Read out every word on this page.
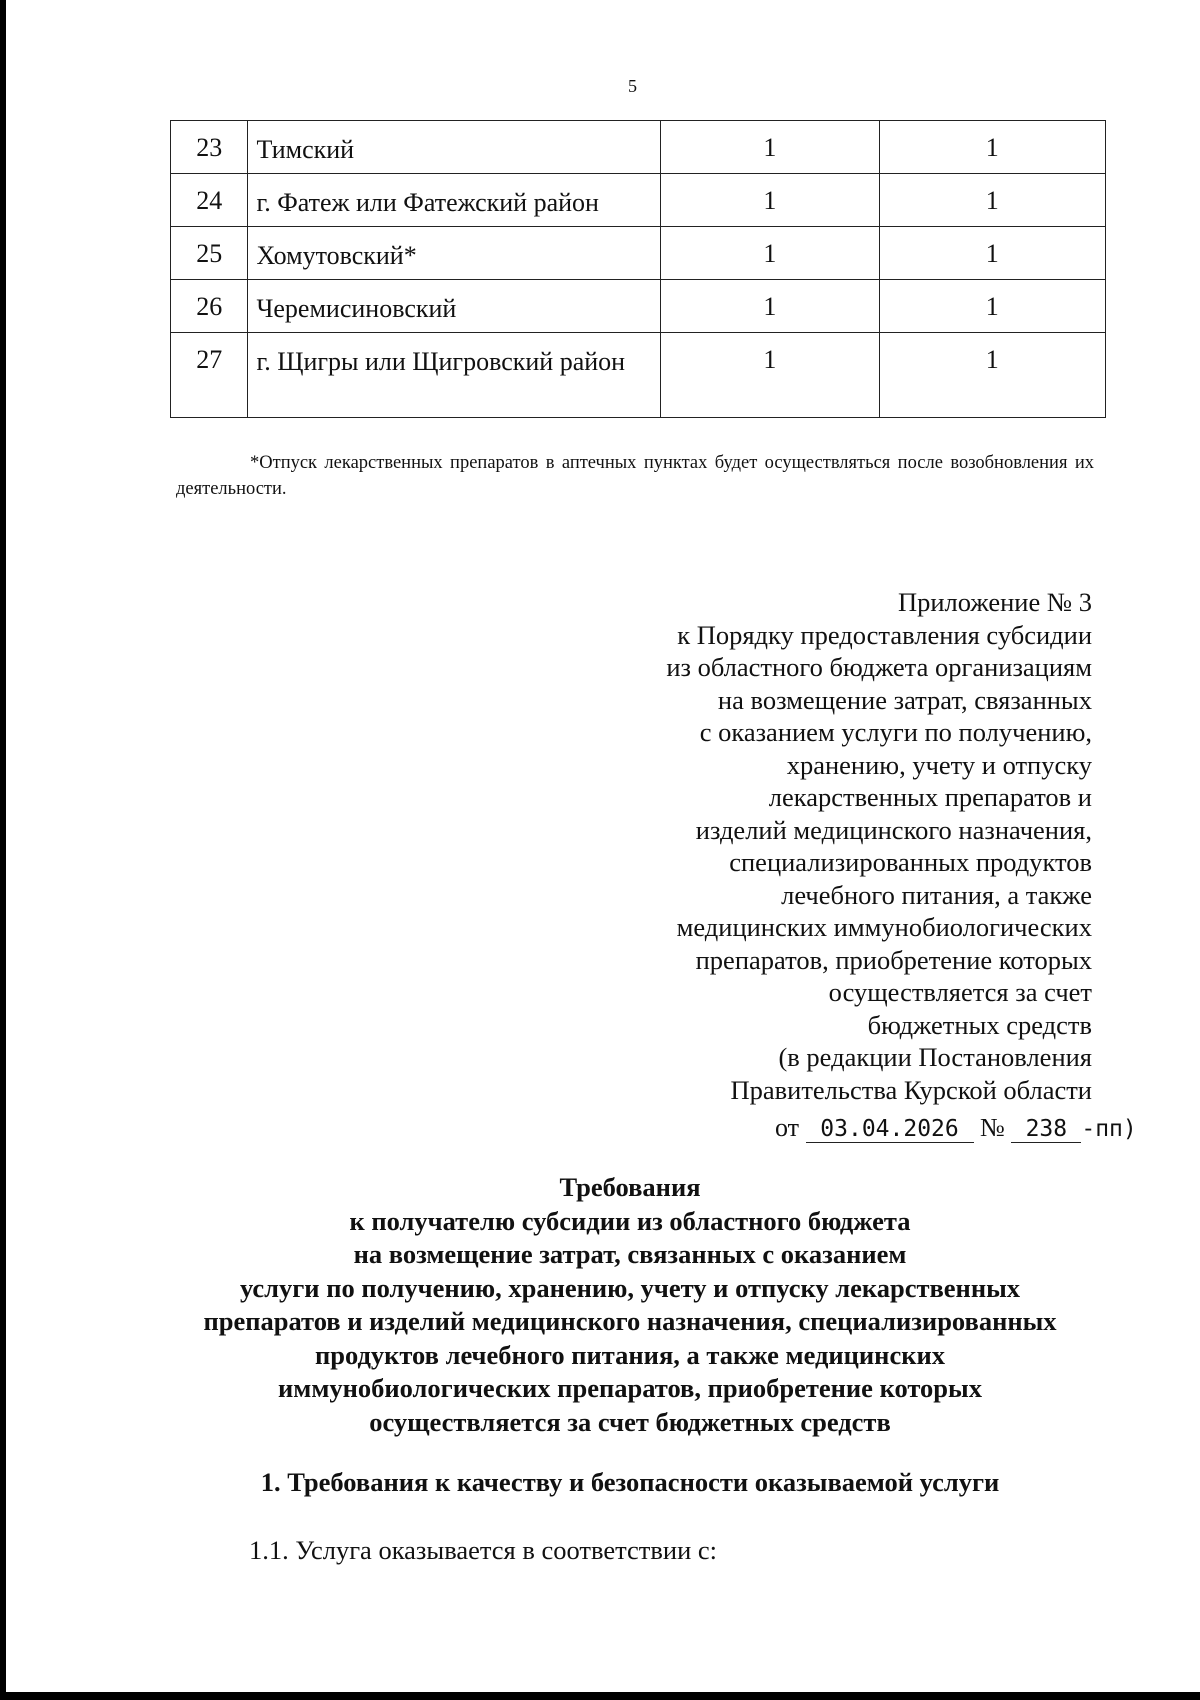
5
23	Тимский	1	1
24	г. Фатеж или Фатежский район	1	1
25	Хомутовский*	1	1
26	Черемисиновский	1	1
27	г. Щигры или Щигровский район	1	1
*Отпуск лекарственных препаратов в аптечных пунктах будет осуществляться после возобновления их деятельности.
Приложение № 3
к Порядку предоставления субсидии
из областного бюджета организациям
на возмещение затрат, связанных
с оказанием услуги по получению,
хранению, учету и отпуску
лекарственных препаратов и
изделий медицинского назначения,
специализированных продуктов
лечебного питания, а также
медицинских иммунобиологических
препаратов, приобретение которых
осуществляется за счет
бюджетных средств
(в редакции Постановления
Правительства Курской области
от 03.04.2026 № 238 -пп)
Требования
к получателю субсидии из областного бюджета
на возмещение затрат, связанных с оказанием
услуги по получению, хранению, учету и отпуску лекарственных
препаратов и изделий медицинского назначения, специализированных
продуктов лечебного питания, а также медицинских
иммунобиологических препаратов, приобретение которых
осуществляется за счет бюджетных средств
1. Требования к качеству и безопасности оказываемой услуги
1.1. Услуга оказывается в соответствии с:
